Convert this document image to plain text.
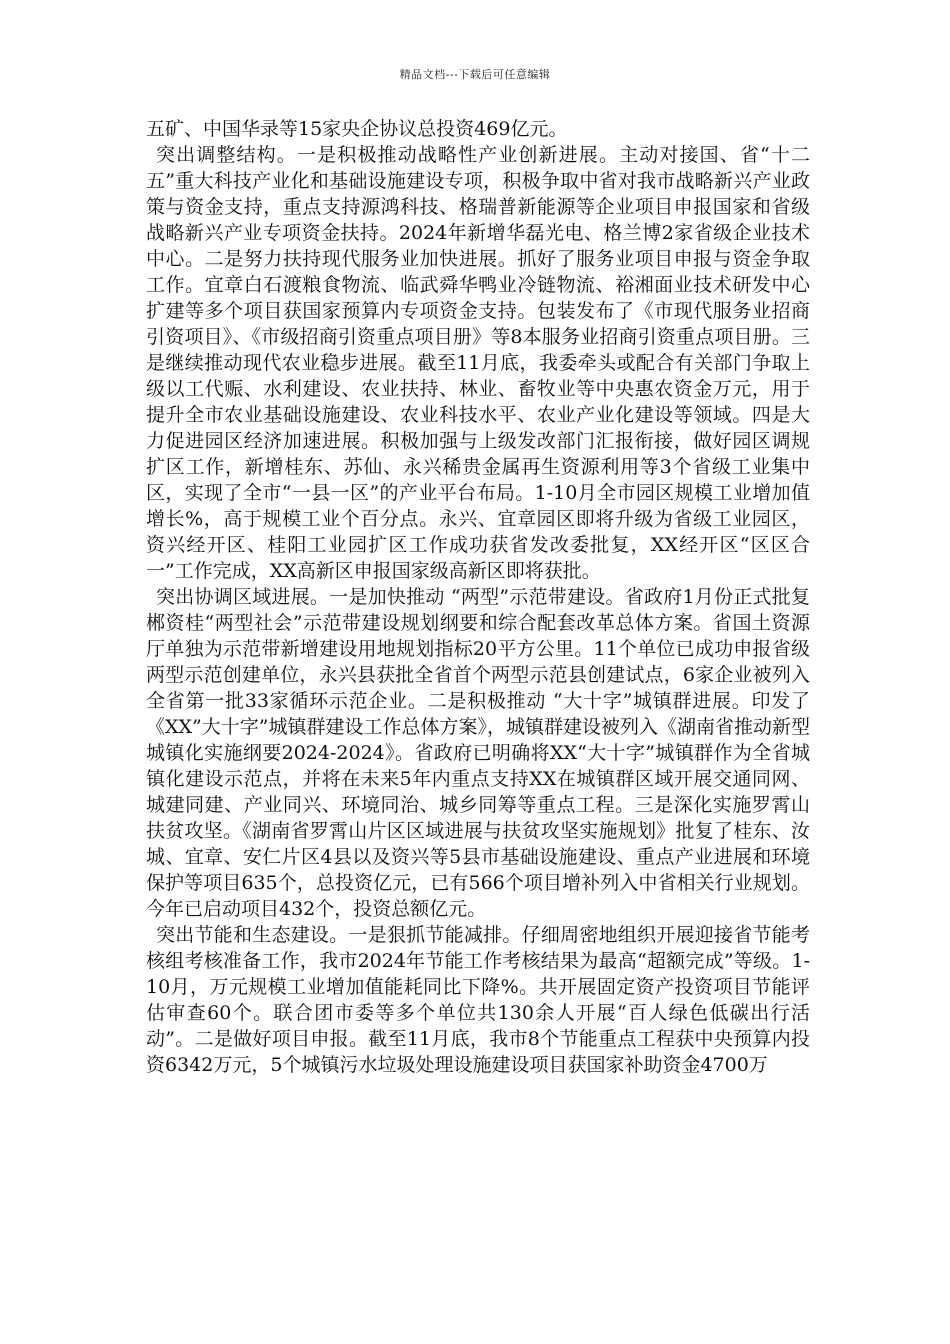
精品文档---下载后可任意编辑

五矿、中国华录等15家央企协议总投资469亿元。

突出调整结构。一是积极推动战略性产业创新进展。主动对接国、省“十二五”重大科技产业化和基础设施建设专项，积极争取中省对我市战略新兴产业政策与资金支持，重点支持源鸿科技、格瑞普新能源等企业项目申报国家和省级战略新兴产业专项资金扶持。2024年新增华磊光电、格兰博2家省级企业技术中心。二是努力扶持现代服务业加快进展。抓好了服务业项目申报与资金争取工作。宜章白石渡粮食物流、临武舜华鸭业冷链物流、裕湘面业技术研发中心扩建等多个项目获国家预算内专项资金支持。包装发布了《市现代服务业招商引资项目》、《市级招商引资重点项目册》等8本服务业招商引资重点项目册。三是继续推动现代农业稳步进展。截至11月底，我委牵头或配合有关部门争取上级以工代赈、水利建设、农业扶持、林业、畜牧业等中央惠农资金万元，用于提升全市农业基础设施建设、农业科技水平、农业产业化建设等领域。四是大力促进园区经济加速进展。积极加强与上级发改部门汇报衔接，做好园区调规扩区工作，新增桂东、苏仙、永兴稀贵金属再生资源利用等3个省级工业集中区，实现了全市“一县一区”的产业平台布局。1-10月全市园区规模工业增加值增长%，高于规模工业个百分点。永兴、宜章园区即将升级为省级工业园区，资兴经开区、桂阳工业园扩区工作成功获省发改委批复，XX经开区“区区合一”工作完成，XX高新区申报国家级高新区即将获批。

突出协调区域进展。一是加快推动 “两型”示范带建设。省政府1月份正式批复郴资桂“两型社会”示范带建设规划纲要和综合配套改革总体方案。省国土资源厅单独为示范带新增建设用地规划指标20平方公里。11个单位已成功申报省级两型示范创建单位，永兴县获批全省首个两型示范县创建试点，6家企业被列入全省第一批33家循环示范企业。二是积极推动 “大十字”城镇群进展。印发了《XX”大十字”城镇群建设工作总体方案》，城镇群建设被列入《湖南省推动新型城镇化实施纲要2024-2024》。省政府已明确将XX“大十字”城镇群作为全省城镇化建设示范点，并将在未来5年内重点支持XX在城镇群区域开展交通同网、城建同建、产业同兴、环境同治、城乡同筹等重点工程。三是深化实施罗霄山扶贫攻坚。《湖南省罗霄山片区区域进展与扶贫攻坚实施规划》批复了桂东、汝城、宜章、安仁片区4县以及资兴等5县市基础设施建设、重点产业进展和环境保护等项目635个，总投资亿元，已有566个项目增补列入中省相关行业规划。今年已启动项目432个，投资总额亿元。

突出节能和生态建设。一是狠抓节能减排。仔细周密地组织开展迎接省节能考核组考核准备工作，我市2024年节能工作考核结果为最高“超额完成”等级。1-10月，万元规模工业增加值能耗同比下降%。共开展固定资产投资项目节能评估审查60个。联合团市委等多个单位共130余人开展“百人绿色低碳出行活动”。二是做好项目申报。截至11月底，我市8个节能重点工程获中央预算内投资6342万元，5个城镇污水垃圾处理设施建设项目获国家补助资金4700万
